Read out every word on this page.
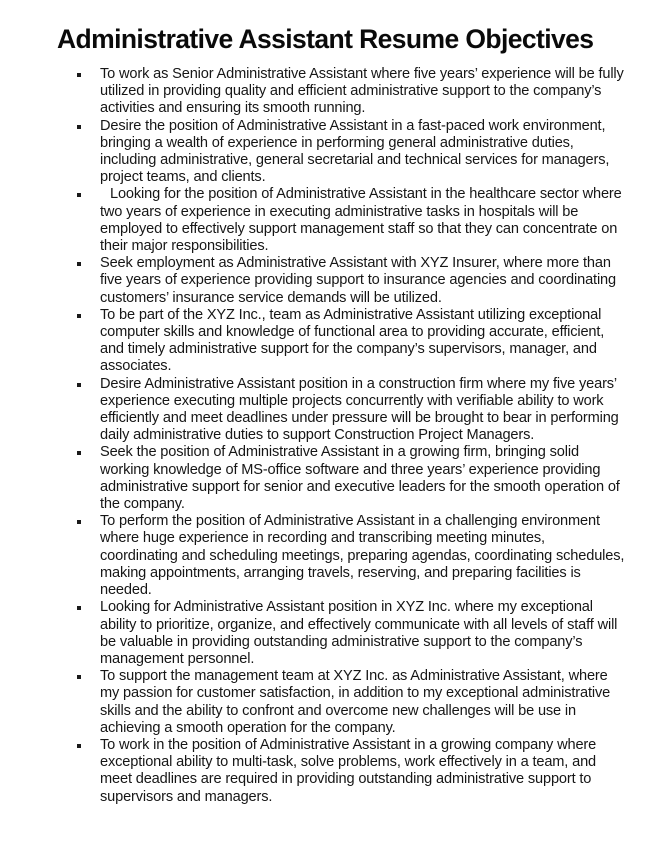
Administrative Assistant Resume Objectives
To work as Senior Administrative Assistant where five years’ experience will be fully utilized in providing quality and efficient administrative support to the company’s activities and ensuring its smooth running.
Desire the position of Administrative Assistant in a fast-paced work environment, bringing a wealth of experience in performing general administrative duties, including administrative, general secretarial and technical services for managers, project teams, and clients.
Looking for the position of Administrative Assistant in the healthcare sector where two years of experience in executing administrative tasks in hospitals will be employed to effectively support management staff so that they can concentrate on their major responsibilities.
Seek employment as Administrative Assistant with XYZ Insurer, where more than five years of experience providing support to insurance agencies and coordinating customers’ insurance service demands will be utilized.
To be part of the XYZ Inc., team as Administrative Assistant utilizing exceptional computer skills and knowledge of functional area to providing accurate, efficient, and timely administrative support for the company’s supervisors, manager, and associates.
Desire Administrative Assistant position in a construction firm where my five years’ experience executing multiple projects concurrently with verifiable ability to work efficiently and meet deadlines under pressure will be brought to bear in performing daily administrative duties to support Construction Project Managers.
Seek the position of Administrative Assistant in a growing firm, bringing solid working knowledge of MS-office software and three years’ experience providing administrative support for senior and executive leaders for the smooth operation of the company.
To perform the position of Administrative Assistant in a challenging environment where huge experience in recording and transcribing meeting minutes, coordinating and scheduling meetings, preparing agendas, coordinating schedules, making appointments, arranging travels, reserving, and preparing facilities is needed.
Looking for Administrative Assistant position in XYZ Inc. where my exceptional ability to prioritize, organize, and effectively communicate with all levels of staff will be valuable in providing outstanding administrative support to the company’s management personnel.
To support the management team at XYZ Inc. as Administrative Assistant, where my passion for customer satisfaction, in addition to my exceptional administrative skills and the ability to confront and overcome new challenges will be use in achieving a smooth operation for the company.
To work in the position of Administrative Assistant in a growing company where exceptional ability to multi-task, solve problems, work effectively in a team, and meet deadlines are required in providing outstanding administrative support to supervisors and managers.
